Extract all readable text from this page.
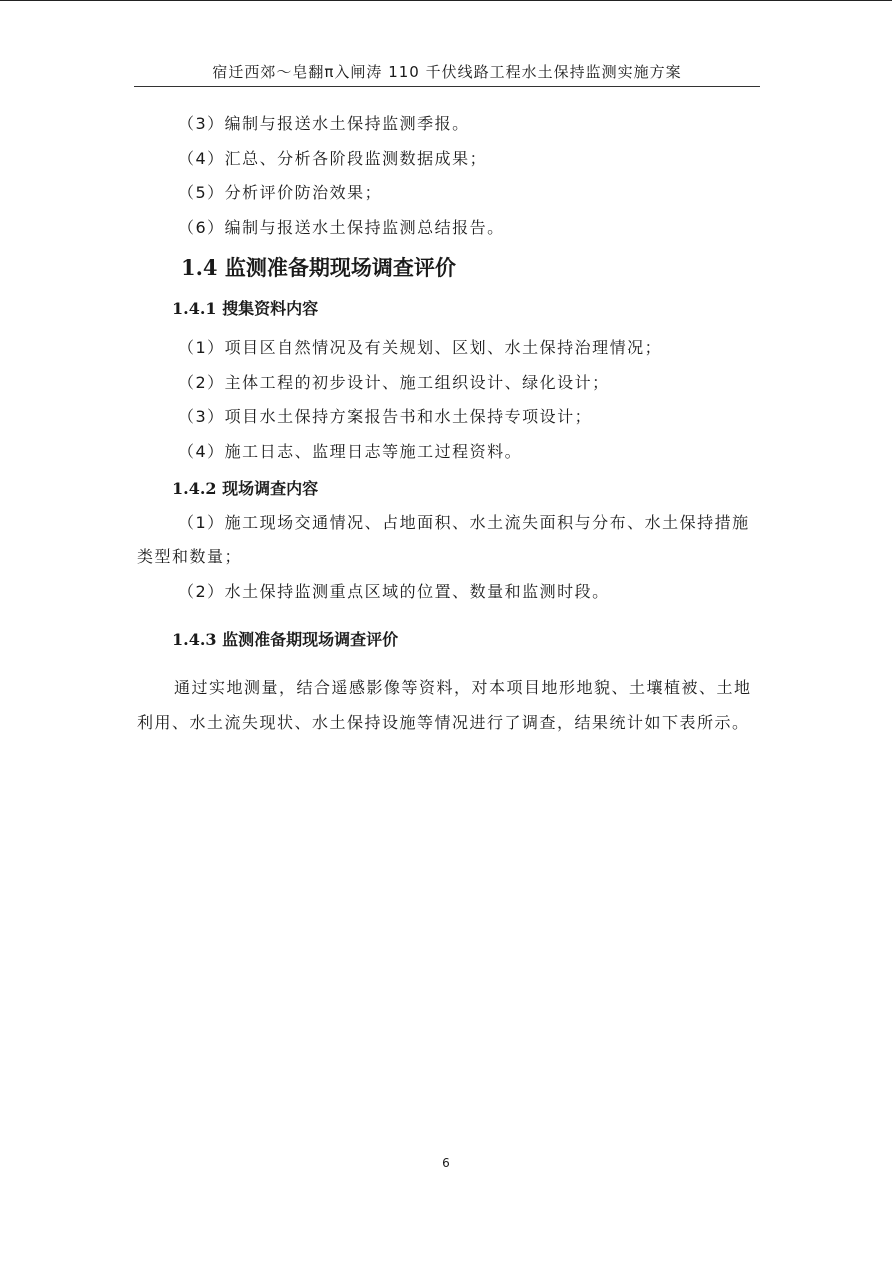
宿迁西郊～皂翻π入闸涛 110 千伏线路工程水土保持监测实施方案
（3）编制与报送水土保持监测季报。
（4）汇总、分析各阶段监测数据成果；
（5）分析评价防治效果；
（6）编制与报送水土保持监测总结报告。
1.4 监测准备期现场调查评价
1.4.1 搜集资料内容
（1）项目区自然情况及有关规划、区划、水土保持治理情况；
（2）主体工程的初步设计、施工组织设计、绿化设计；
（3）项目水土保持方案报告书和水土保持专项设计；
（4）施工日志、监理日志等施工过程资料。
1.4.2 现场调查内容
（1）施工现场交通情况、占地面积、水土流失面积与分布、水土保持措施
类型和数量；
（2）水土保持监测重点区域的位置、数量和监测时段。
1.4.3 监测准备期现场调查评价
通过实地测量，结合遥感影像等资料，对本项目地形地貌、土壤植被、土地
利用、水土流失现状、水土保持设施等情况进行了调查，结果统计如下表所示。
6
